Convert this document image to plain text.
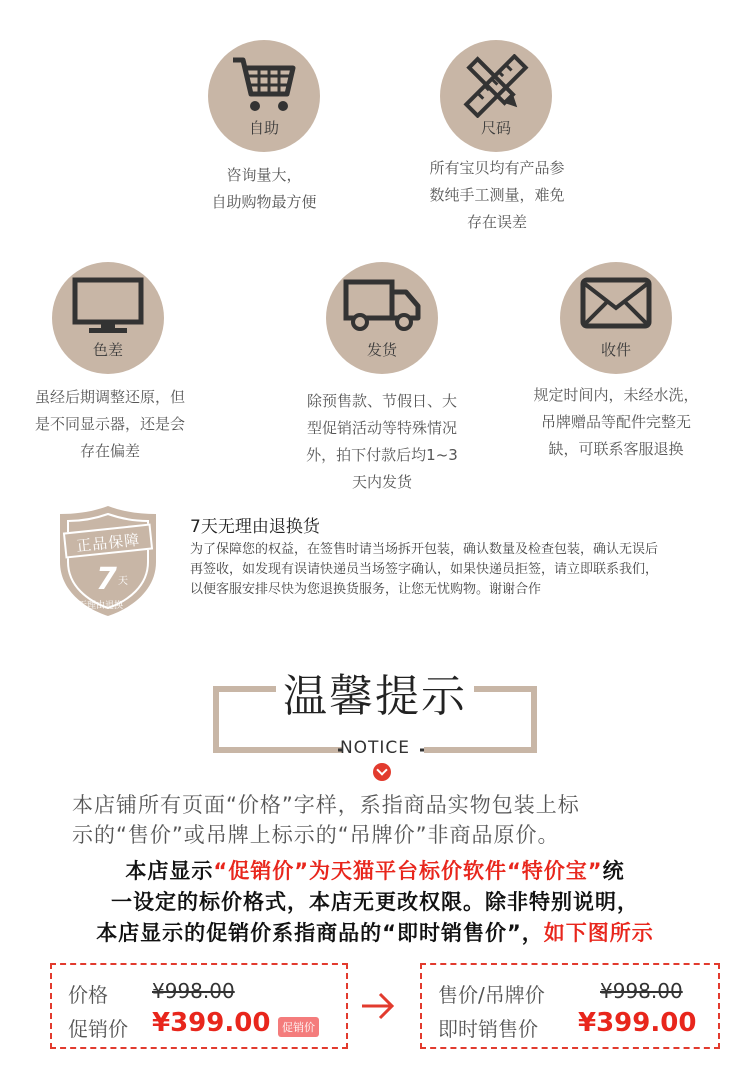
自助
咨询量大，
自助购物最方便
尺码
所有宝贝均有产品参
数纯手工测量，难免
存在误差
色差
虽经后期调整还原，但
是不同显示器，还是会
存在偏差
发货
除预售款、节假日、大
型促销活动等特殊情况
外，拍下付款后均1~3
天内发货
收件
规定时间内，未经水洗，
吊牌赠品等配件完整无
缺，可联系客服退换
正品保障
7 天
无理由退换
7天无理由退换货
为了保障您的权益，在签售时请当场拆开包装，确认数量及检查包装，确认无误后
再签收，如发现有误请快递员当场签字确认，如果快递员拒签，请立即联系我们，
以便客服安排尽快为您退换货服务，让您无忧购物。谢谢合作
温馨提示
NOTICE
本店铺所有页面“价格”字样，系指商品实物包装上标
示的“售价”或吊牌上标示的“吊牌价”非商品原价。
本店显示“促销价”为天猫平台标价软件“特价宝”统
一设定的标价格式，本店无更改权限。除非特别说明，
本店显示的促销价系指商品的“即时销售价”，如下图所示
价格 ¥998.00
促销价 ¥399.00	促销价
售价/吊牌价	¥998.00
即时销售价 ¥399.00
